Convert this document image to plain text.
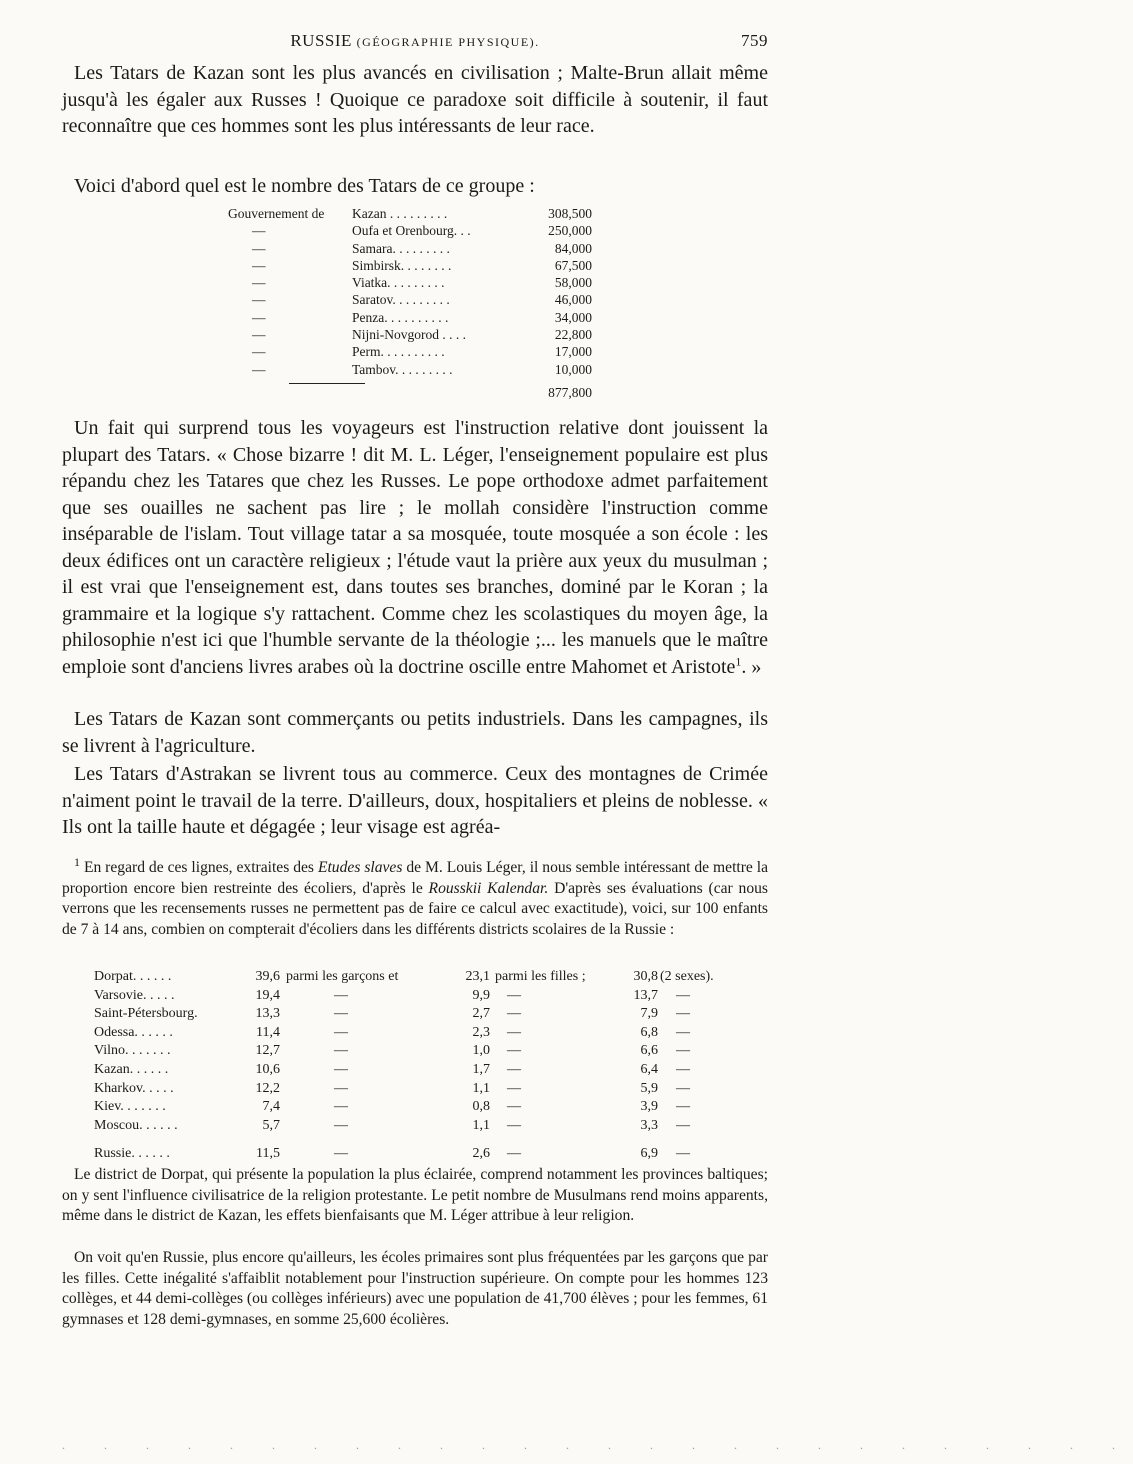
RUSSIE (GÉOGRAPHIE PHYSIQUE).	759

Les Tatars de Kazan sont les plus avancés en civilisation ; Malte-Brun allait même jusqu'à les égaler aux Russes ! Quoique ce paradoxe soit difficile à soutenir, il faut reconnaître que ces hommes sont les plus intéressants de leur race.

Voici d'abord quel est le nombre des Tatars de ce groupe :

Gouvernement de Kazan . . . . . . . . .	308,500
—	Oufa et Orenbourg. . .	250,000
—	Samara. . . . . . . . .	84,000
—	Simbirsk. . . . . . . .	67,500
—	Viatka. . . . . . . . .	58,000
—	Saratov. . . . . . . . .	46,000
—	Penza. . . . . . . . . .	34,000
—	Nijni-Novgorod . . . .	22,800
—	Perm. . . . . . . . . .	17,000
—	Tambov. . . . . . . . .	10,000
877,800

Un fait qui surprend tous les voyageurs est l'instruction relative dont jouissent la plupart des Tatars. « Chose bizarre ! dit M. L. Léger, l'enseignement populaire est plus répandu chez les Tatares que chez les Russes. Le pope orthodoxe admet parfaitement que ses ouailles ne sachent pas lire ; le mollah considère l'instruction comme inséparable de l'islam. Tout village tatar a sa mosquée, toute mosquée a son école : les deux édifices ont un caractère religieux ; l'étude vaut la prière aux yeux du musulman ; il est vrai que l'enseignement est, dans toutes ses branches, dominé par le Koran ; la grammaire et la logique s'y rattachent. Comme chez les scolastiques du moyen âge, la philosophie n'est ici que l'humble servante de la théologie ;... les manuels que le maître emploie sont d'anciens livres arabes où la doctrine oscille entre Mahomet et Aristote$^1$. »

Les Tatars de Kazan sont commerçants ou petits industriels. Dans les campagnes, ils se livrent à l'agriculture.

Les Tatars d'Astrakan se livrent tous au commerce. Ceux des montagnes de Crimée n'aiment point le travail de la terre. D'ailleurs, doux, hospitaliers et pleins de noblesse. « Ils ont la taille haute et dégagée ; leur visage est agréa-

$^1$ En regard de ces lignes, extraites des Etudes slaves de M. Louis Léger, il nous semble intéressant de mettre la proportion encore bien restreinte des écoliers, d'après le Rousskii Kalendar. D'après ses évaluations (car nous verrons que les recensements russes ne permettent pas de faire ce calcul avec exactitude), voici, sur 100 enfants de 7 à 14 ans, combien on compterait d'écoliers dans les différents districts scolaires de la Russie :

Dorpat. . . . . .	39,6 parmi les garçons et	23,1 parmi les filles ;	30,8 (2 sexes).
Varsovie. . . . .	19,4	—	9,9 —	13,7 —
Saint-Pétersbourg.	13,3	—	2,7 —	7,9 —
Odessa. . . . . .	11,4	—	2,3 —	6,8 —
Vilno. . . . . . .	12,7	—	1,0 —	6,6 —
Kazan. . . . . .	10,6	—	1,7 —	6,4 —
Kharkov. . . . .	12,2	—	1,1 —	5,9 —
Kiev. . . . . . .	7,4	—	0,8 —	3,9 —
Moscou. . . . . .	5,7	—	1,1 —	3,3 —
Russie. . . . . .	11,5	—	2,6 —	6,9 —

Le district de Dorpat, qui présente la population la plus éclairée, comprend notamment les provinces baltiques; on y sent l'influence civilisatrice de la religion protestante. Le petit nombre de Musulmans rend moins apparents, même dans le district de Kazan, les effets bienfaisants que M. Léger attribue à leur religion.

On voit qu'en Russie, plus encore qu'ailleurs, les écoles primaires sont plus fréquentées par les garçons que par les filles. Cette inégalité s'affaiblit notablement pour l'instruction supérieure. On compte pour les hommes 123 collèges, et 44 demi-collèges (ou collèges inférieurs) avec une population de 41,700 élèves ; pour les femmes, 61 gymnases et 128 demi-gymnases, en somme 25,600 écolières.

. . . . . . . . . . . . . . . . . . . . . . . . . .
